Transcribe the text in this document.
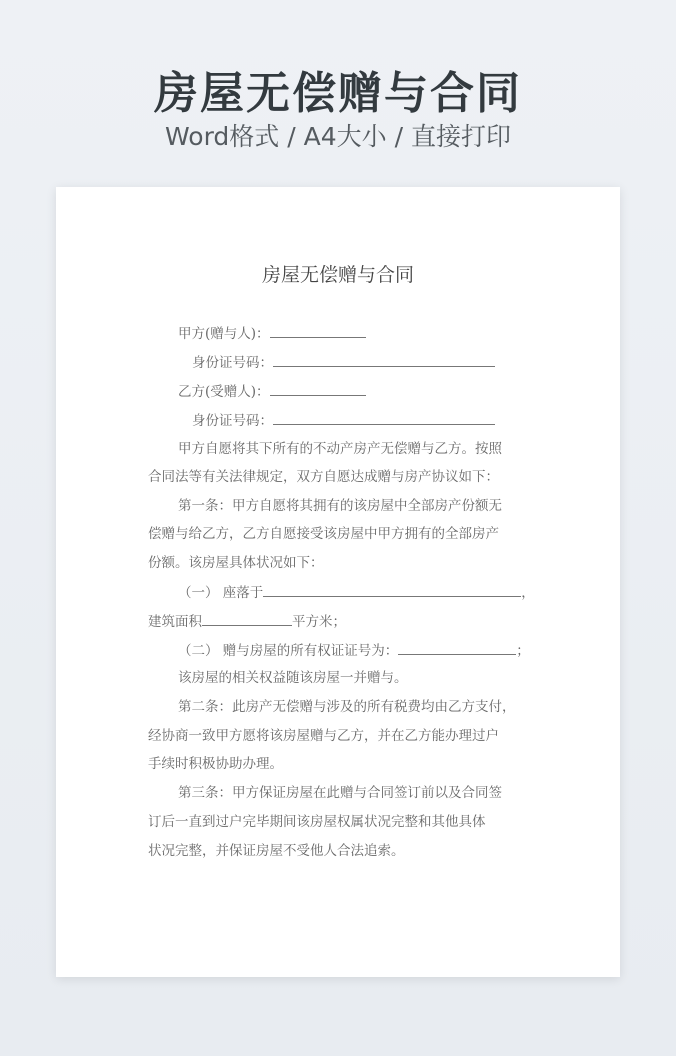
房屋无偿赠与合同
Word格式 / A4大小 / 直接打印
房屋无偿赠与合同
甲方(赠与人)：
身份证号码：
乙方(受赠人)：
身份证号码：
甲方自愿将其下所有的不动产房产无偿赠与乙方。按照
合同法等有关法律规定，双方自愿达成赠与房产协议如下：
第一条：甲方自愿将其拥有的该房屋中全部房产份额无
偿赠与给乙方，乙方自愿接受该房屋中甲方拥有的全部房产
份额。该房屋具体状况如下：
（一） 座落于	，
建筑面积	平方米；
（二） 赠与房屋的所有权证证号为：	；
该房屋的相关权益随该房屋一并赠与。
第二条：此房产无偿赠与涉及的所有税费均由乙方支付，
经协商一致甲方愿将该房屋赠与乙方，并在乙方能办理过户
手续时积极协助办理。
第三条：甲方保证房屋在此赠与合同签订前以及合同签
订后一直到过户完毕期间该房屋权属状况完整和其他具体
状况完整，并保证房屋不受他人合法追索。
